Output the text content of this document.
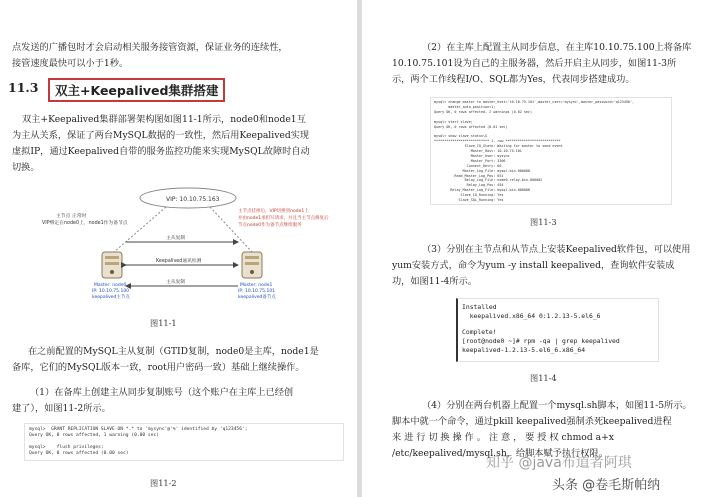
点发送的广播包时才会启动相关服务接管资源，保证业务的连续性，

接管速度最快可以小于1秒。

11.3	双主+Keepalived集群搭建

双主+Keepalived集群部署架构图如图11-1所示，node0和node1互

为主从关系，保证了两台MySQL数据的一致性，然后用Keepalived实现

虚拟IP，通过Keepalived自带的服务监控功能来实现MySQL故障时自动

切换。

VIP: 10.10.75.163
主节点 正常时
VIP绑定在node0上，node1作为备节点
主节点挂掉后，VIP切换到node1上
并由node1承担写请求，并且当主节点修复后
节点node0作为备节点继续服务
主从复制
Keepalived通讯检测
主从复制
Master: node0
IP: 10.10.75.100
keepalived主节点
Master: node1
IP: 10.10.75.101
keepalived备节点
图11-1

在之前配置的MySQL主从复制（GTID复制，node0是主库，node1是

备库，它们的MySQL版本一致，root用户密码一致）基础上继续操作。

（1）在备库上创建主从同步复制账号（这个账户在主库上已经创

建了），如图11-2所示。

mysql>  GRANT REPLICATION SLAVE ON *.* to 'mysync'@'%' identified by 'q123456';
Query OK, 0 rows affected, 1 warning (0.00 sec)
mysql>    flush privileges;
Query OK, 0 rows affected (0.00 sec)
图11-2

（2）在主库上配置主从同步信息，在主库10.10.75.100上将备库

10.10.75.101设为自己的主服务器，然后开启主从同步，如图11-3所

示，两个工作线程I/O、SQL都为Yes，代表同步搭建成功。

mysql> change master to master_host='10.10.75.101',master_user='mysync',master_password='q123456',
master_auto_position=1;
Query OK, 0 rows affected, 2 warnings (0.02 sec)
mysql> start slave;
Query OK, 0 rows affected (0.01 sec)
mysql> show slave status\G
*************************** 1. row ***************************
Slave_IO_State: Waiting for master to send event
Master_Host: 10.10.75.101
Master_User: mysync
Master_Port: 3306
Connect_Retry: 60
Master_Log_File: mysql-bin.000008
Read_Master_Log_Pos: 651
Relay_Log_File: node0-relay-bin.000002
Relay_Log_Pos: 454
Relay_Master_Log_File: mysql-bin.000008
Slave_IO_Running: Yes
Slave_SQL_Running: Yes
图11-3

（3）分别在主节点和从节点上安装Keepalived软件包，可以使用

yum安装方式，命令为yum -y install keepalived，查询软件安装成

功，如图11-4所示。

Installed
keepalived.x86_64 0:1.2.13-5.el6_6
Complete!
[root@node0 ~]# rpm -qa | grep keepalived
keepalived-1.2.13-5.el6_6.x86_64
图11-4

（4）分别在两台机器上配置一个mysql.sh脚本，如图11-5所示。

脚本中就一个命令，通过pkill keepalived强制杀死keepalived进程

来 进 行 切 换 操 作 。 注 意 ， 要 授 权 chmod a+x

/etc/keepalived/mysql.sh，给脚本赋予执行权限。

知乎 @java布道者阿琪
头条 @卷毛斯帕纳
